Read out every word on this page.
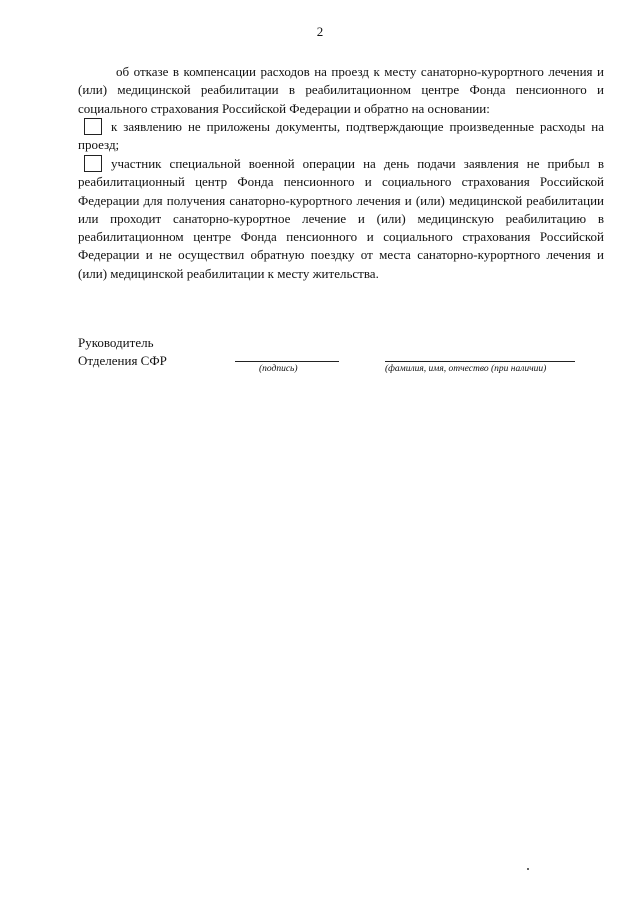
2

об отказе в компенсации расходов на проезд к месту санаторно-курортного лечения и (или) медицинской реабилитации в реабилитационном центре Фонда пенсионного и социального страхования Российской Федерации и обратно на основании:

к заявлению не приложены документы, подтверждающие произведенные расходы на проезд;
участник специальной военной операции на день подачи заявления не прибыл в реабилитационный центр Фонда пенсионного и социального страхования Российской Федерации для получения санаторно-курортного лечения и (или) медицинской реабилитации или проходит санаторно-курортное лечение и (или) медицинскую реабилитацию в реабилитационном центре Фонда пенсионного и социального страхования Российской Федерации и не осуществил обратную поездку от места санаторно-курортного лечения и (или) медицинской реабилитации к месту жительства.
Руководитель
Отделения СФР
(подпись)	(фамилия, имя, отчество (при наличии)
